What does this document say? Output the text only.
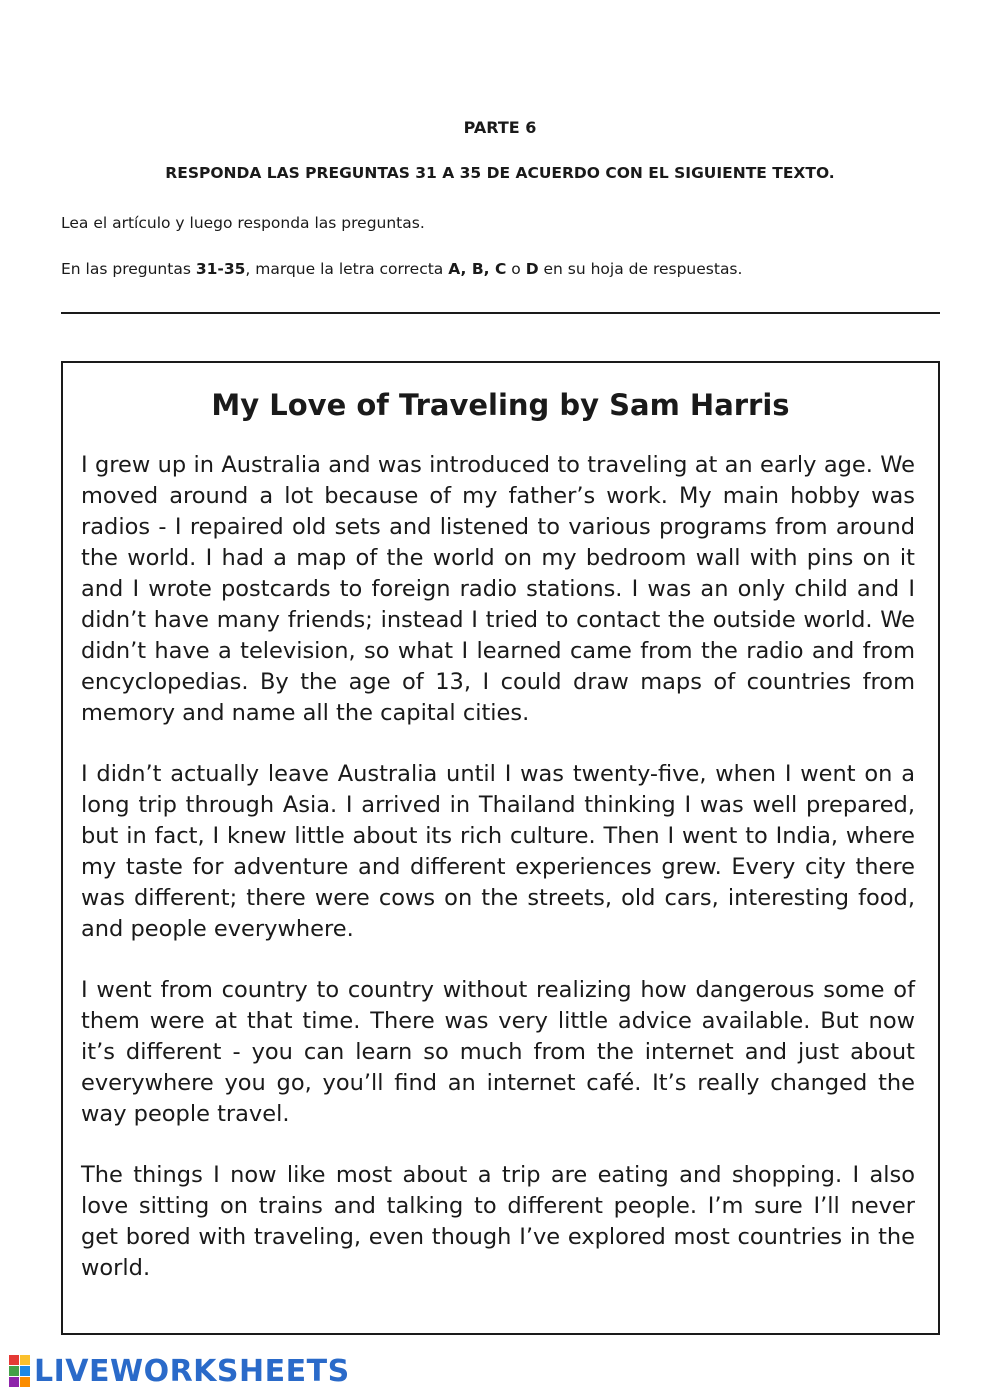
PARTE 6
RESPONDA LAS PREGUNTAS 31 A 35 DE ACUERDO CON EL SIGUIENTE TEXTO.
Lea el artículo y luego responda las preguntas.
En las preguntas 31-35, marque la letra correcta A, B, C o D en su hoja de respuestas.
My Love of Traveling by Sam Harris

I grew up in Australia and was introduced to traveling at an early age. We moved around a lot because of my father’s work. My main hobby was radios - I repaired old sets and listened to various programs from around the world. I had a map of the world on my bedroom wall with pins on it and I wrote postcards to foreign radio stations. I was an only child and I didn’t have many friends; instead I tried to contact the outside world. We didn’t have a television, so what I learned came from the radio and from encyclopedias. By the age of 13, I could draw maps of countries from memory and name all the capital cities.

I didn’t actually leave Australia until I was twenty-five, when I went on a long trip through Asia. I arrived in Thailand thinking I was well prepared, but in fact, I knew little about its rich culture. Then I went to India, where my taste for adventure and different experiences grew. Every city there was different; there were cows on the streets, old cars, interesting food, and people everywhere.

I went from country to country without realizing how dangerous some of them were at that time. There was very little advice available. But now it’s different - you can learn so much from the internet and just about everywhere you go, you’ll find an internet café. It’s really changed the way people travel.

The things I now like most about a trip are eating and shopping. I also love sitting on trains and talking to different people. I’m sure I’ll never get bored with traveling, even though I’ve explored most countries in the world.

LIVEWORKSHEETS
